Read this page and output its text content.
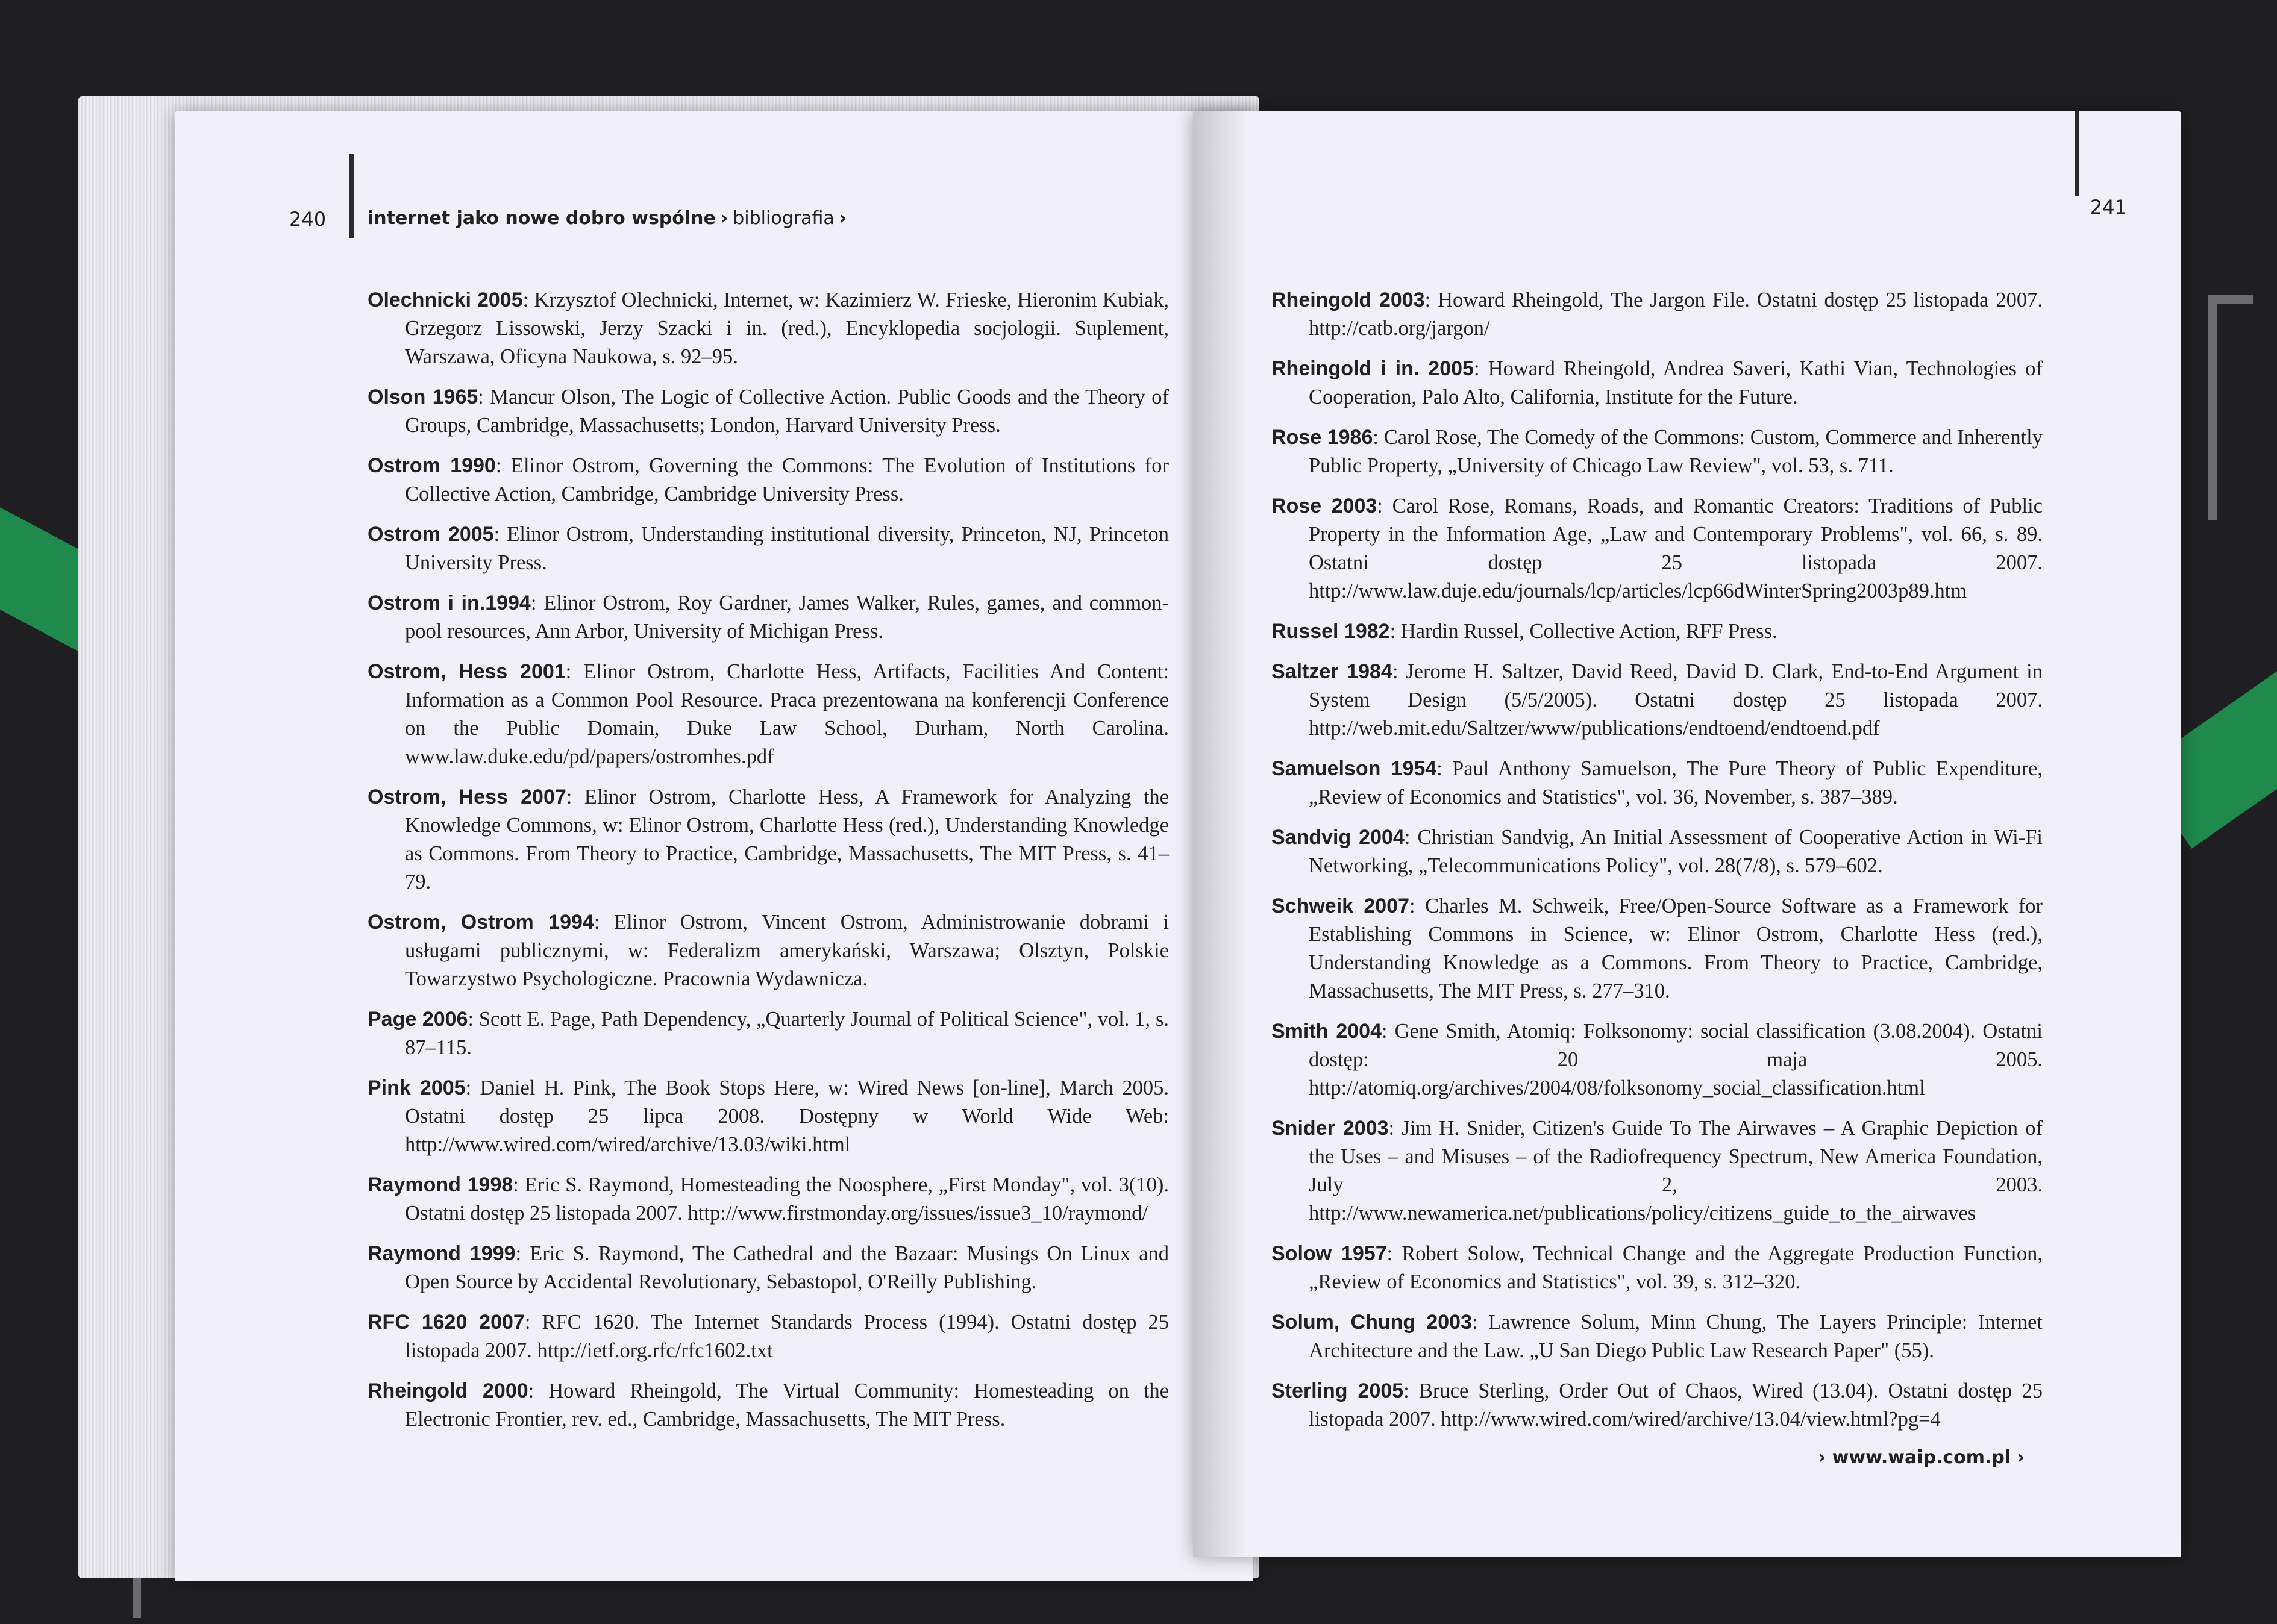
240 internet jako nowe dobro wspólne › bibliografia ›

Olechnicki 2005: Krzysztof Olechnicki, Internet, w: Kazimierz W. Frieske, Hieronim Kubiak, Grzegorz Lissowski, Jerzy Szacki i in. (red.), Encyklopedia socjologii. Suplement, Warszawa, Oficyna Naukowa, s. 92–95.

Olson 1965: Mancur Olson, The Logic of Collective Action. Public Goods and the Theory of Groups, Cambridge, Massachusetts; London, Harvard University Press.

Ostrom 1990: Elinor Ostrom, Governing the Commons: The Evolution of Institutions for Collective Action, Cambridge, Cambridge University Press.

Ostrom 2005: Elinor Ostrom, Understanding institutional diversity, Princeton, NJ, Princeton University Press.

Ostrom i in.1994: Elinor Ostrom, Roy Gardner, James Walker, Rules, games, and common-pool resources, Ann Arbor, University of Michigan Press.

Ostrom, Hess 2001: Elinor Ostrom, Charlotte Hess, Artifacts, Facilities And Content: Information as a Common Pool Resource. Praca prezentowana na konferencji Conference on the Public Domain, Duke Law School, Durham, North Carolina. www.law.duke.edu/pd/papers/ostromhes.pdf

Ostrom, Hess 2007: Elinor Ostrom, Charlotte Hess, A Framework for Analyzing the Knowledge Commons, w: Elinor Ostrom, Charlotte Hess (red.), Understanding Knowledge as Commons. From Theory to Practice, Cambridge, Massachusetts, The MIT Press, s. 41–79.

Ostrom, Ostrom 1994: Elinor Ostrom, Vincent Ostrom, Administrowanie dobrami i usługami publicznymi, w: Federalizm amerykański, Warszawa; Olsztyn, Polskie Towarzystwo Psychologiczne. Pracownia Wydawnicza.

Page 2006: Scott E. Page, Path Dependency, „Quarterly Journal of Political Science", vol. 1, s. 87–115.

Pink 2005: Daniel H. Pink, The Book Stops Here, w: Wired News [on-line], March 2005. Ostatni dostęp 25 lipca 2008. Dostępny w World Wide Web: http://www.wired.com/wired/archive/13.03/wiki.html

Raymond 1998: Eric S. Raymond, Homesteading the Noosphere, „First Monday", vol. 3(10). Ostatni dostęp 25 listopada 2007. http://www.firstmonday.org/issues/issue3_10/raymond/

Raymond 1999: Eric S. Raymond, The Cathedral and the Bazaar: Musings On Linux and Open Source by Accidental Revolutionary, Sebastopol, O'Reilly Publishing.

RFC 1620 2007: RFC 1620. The Internet Standards Process (1994). Ostatni dostęp 25 listopada 2007. http://ietf.org.rfc/rfc1602.txt

Rheingold 2000: Howard Rheingold, The Virtual Community: Homesteading on the Electronic Frontier, rev. ed., Cambridge, Massachusetts, The MIT Press.

241

Rheingold 2003: Howard Rheingold, The Jargon File. Ostatni dostęp 25 listopada 2007. http://catb.org/jargon/

Rheingold i in. 2005: Howard Rheingold, Andrea Saveri, Kathi Vian, Technologies of Cooperation, Palo Alto, California, Institute for the Future.

Rose 1986: Carol Rose, The Comedy of the Commons: Custom, Commerce and Inherently Public Property, „University of Chicago Law Review", vol. 53, s. 711.

Rose 2003: Carol Rose, Romans, Roads, and Romantic Creators: Traditions of Public Property in the Information Age, „Law and Contemporary Problems", vol. 66, s. 89. Ostatni dostęp 25 listopada 2007. http://www.law.duje.edu/journals/lcp/articles/lcp66dWinterSpring2003p89.htm

Russel 1982: Hardin Russel, Collective Action, RFF Press.

Saltzer 1984: Jerome H. Saltzer, David Reed, David D. Clark, End-to-End Argument in System Design (5/5/2005). Ostatni dostęp 25 listopada 2007. http://web.mit.edu/Saltzer/www/publications/endtoend/endtoend.pdf

Samuelson 1954: Paul Anthony Samuelson, The Pure Theory of Public Expenditure, „Review of Economics and Statistics", vol. 36, November, s. 387–389.

Sandvig 2004: Christian Sandvig, An Initial Assessment of Cooperative Action in Wi-Fi Networking, „Telecommunications Policy", vol. 28(7/8), s. 579–602.

Schweik 2007: Charles M. Schweik, Free/Open-Source Software as a Framework for Establishing Commons in Science, w: Elinor Ostrom, Charlotte Hess (red.), Understanding Knowledge as a Commons. From Theory to Practice, Cambridge, Massachusetts, The MIT Press, s. 277–310.

Smith 2004: Gene Smith, Atomiq: Folksonomy: social classification (3.08.2004). Ostatni dostęp: 20 maja 2005. http://atomiq.org/archives/2004/08/folksonomy_social_classification.html

Snider 2003: Jim H. Snider, Citizen's Guide To The Airwaves – A Graphic Depiction of the Uses – and Misuses – of the Radiofrequency Spectrum, New America Foundation, July 2, 2003. http://www.newamerica.net/publications/policy/citizens_guide_to_the_airwaves

Solow 1957: Robert Solow, Technical Change and the Aggregate Production Function, „Review of Economics and Statistics", vol. 39, s. 312–320.

Solum, Chung 2003: Lawrence Solum, Minn Chung, The Layers Principle: Internet Architecture and the Law. „U San Diego Public Law Research Paper" (55).

Sterling 2005: Bruce Sterling, Order Out of Chaos, Wired (13.04). Ostatni dostęp 25 listopada 2007. http://www.wired.com/wired/archive/13.04/view.html?pg=4

› www.waip.com.pl ›
